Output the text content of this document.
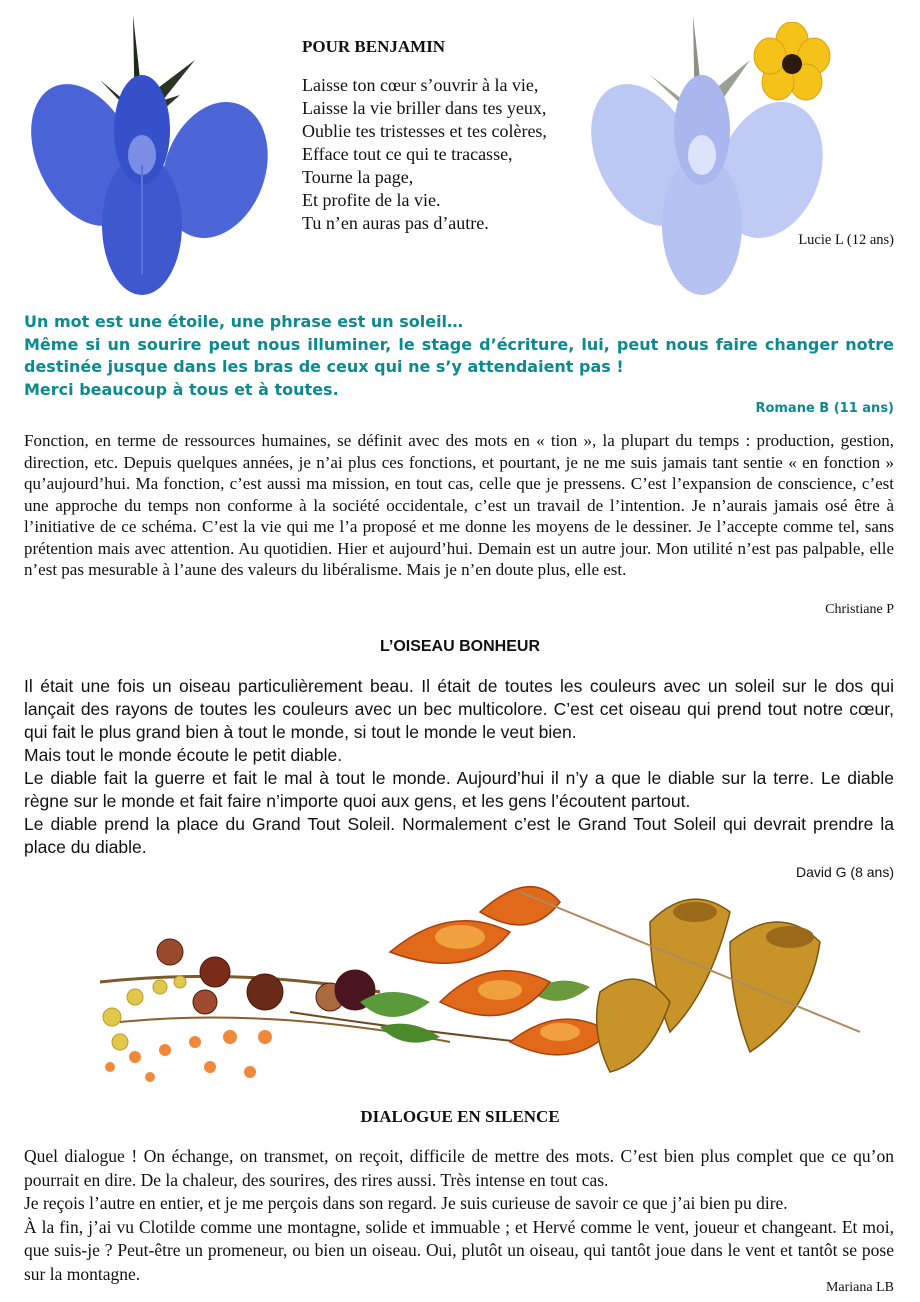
POUR BENJAMIN
Laisse ton cœur s’ouvrir à la vie,
Laisse la vie briller dans tes yeux,
Oublie tes tristesses et tes colères,
Efface tout ce qui te tracasse,
Tourne la page,
Et profite de la vie.
Tu n’en auras pas d’autre.
Lucie L (12 ans)
Un mot est une étoile, une phrase est un soleil…
Même si un sourire peut nous illuminer, le stage d’écriture, lui, peut nous faire changer notre destinée jusque dans les bras de ceux qui ne s’y attendaient pas !
Merci beaucoup à tous et à toutes.
Romane B (11 ans)
Fonction, en terme de ressources humaines, se définit avec des mots en « tion », la plupart du temps : production, gestion, direction, etc. Depuis quelques années, je n’ai plus ces fonctions, et pourtant, je ne me suis jamais tant sentie « en fonction » qu’aujourd’hui. Ma fonction, c’est aussi ma mission, en tout cas, celle que je pressens. C’est l’expansion de conscience, c’est une approche du temps non conforme à la société occidentale, c’est un travail de l’intention. Je n’aurais jamais osé être à l’initiative de ce schéma. C’est la vie qui me l’a proposé et me donne les moyens de le dessiner. Je l’accepte comme tel, sans prétention mais avec attention. Au quotidien. Hier et aujourd’hui. Demain est un autre jour. Mon utilité n’est pas palpable, elle n’est pas mesurable à l’aune des valeurs du libéralisme. Mais je n’en doute plus, elle est.
Christiane P
L’OISEAU BONHEUR
Il était une fois un oiseau particulièrement beau. Il était de toutes les couleurs avec un soleil sur le dos qui lançait des rayons de toutes les couleurs avec un bec multicolore. C’est cet oiseau qui prend tout notre cœur, qui fait le plus grand bien à tout le monde, si tout le monde le veut bien.
Mais tout le monde écoute le petit diable.
Le diable fait la guerre et fait le mal à tout le monde. Aujourd’hui il n’y a que le diable sur la terre. Le diable règne sur le monde et fait faire n’importe quoi aux gens, et les gens l’écoutent partout.
Le diable prend la place du Grand Tout Soleil. Normalement c’est le Grand Tout Soleil qui devrait prendre la place du diable.
David G (8 ans)
DIALOGUE EN SILENCE
Quel dialogue ! On échange, on transmet, on reçoit, difficile de mettre des mots. C’est bien plus complet que ce qu’on pourrait en dire. De la chaleur, des sourires, des rires aussi. Très intense en tout cas.
Je reçois l’autre en entier, et je me perçois dans son regard. Je suis curieuse de savoir ce que j’ai bien pu dire.
À la fin, j’ai vu Clotilde comme une montagne, solide et immuable ; et Hervé comme le vent, joueur et changeant. Et moi, que suis-je ? Peut-être un promeneur, ou bien un oiseau. Oui, plutôt un oiseau, qui tantôt joue dans le vent et tantôt se pose sur la montagne.
Mariana LB
